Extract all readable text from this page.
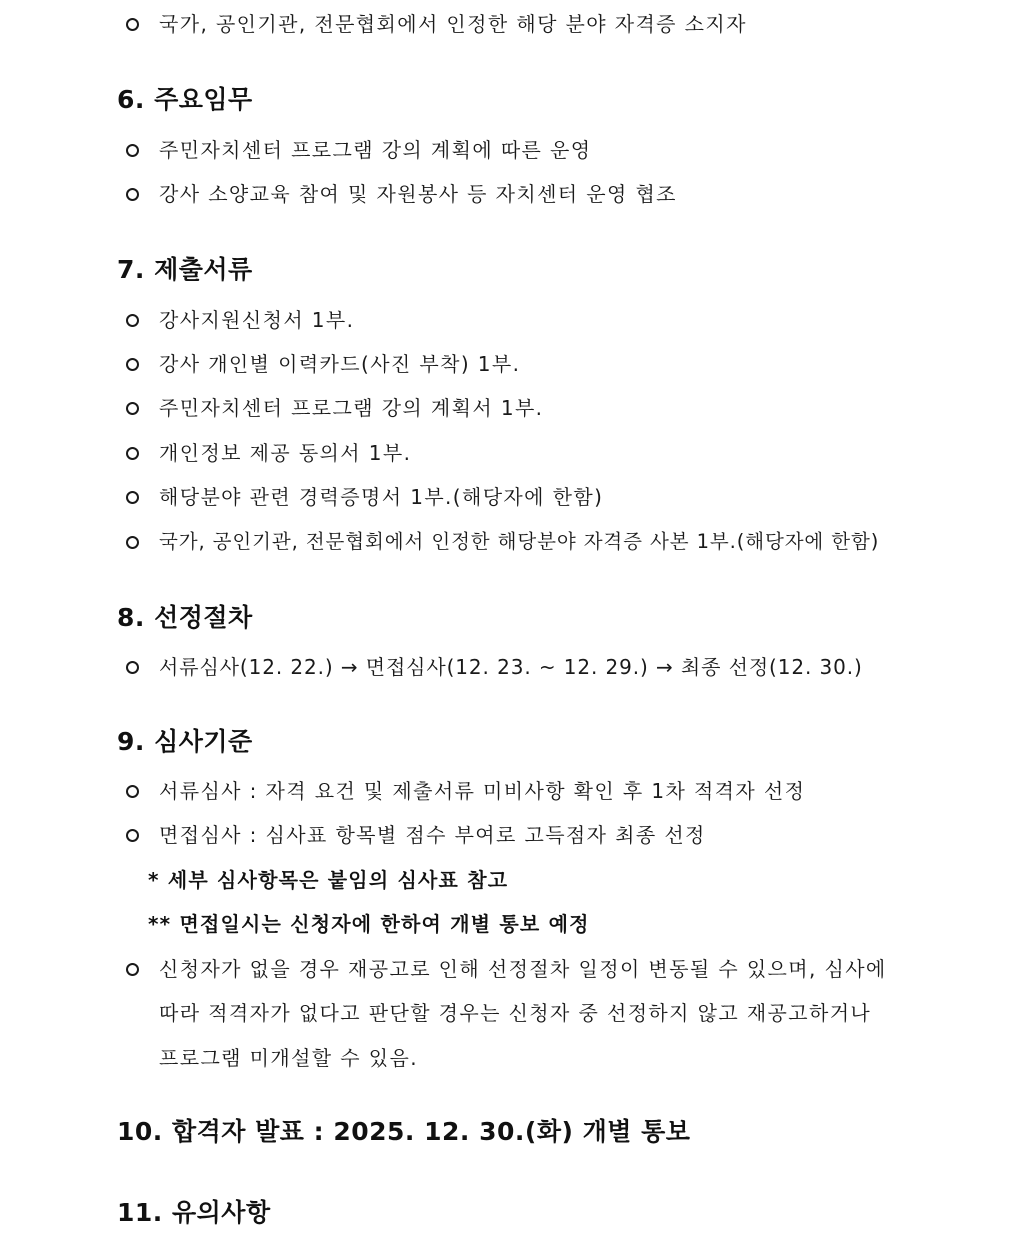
국가, 공인기관, 전문협회에서 인정한 해당 분야 자격증 소지자
6. 주요임무
주민자치센터 프로그램 강의 계획에 따른 운영
강사 소양교육 참여 및 자원봉사 등 자치센터 운영 협조
7. 제출서류
강사지원신청서 1부.
강사 개인별 이력카드(사진 부착) 1부.
주민자치센터 프로그램 강의 계획서 1부.
개인정보 제공 동의서 1부.
해당분야 관련 경력증명서 1부.(해당자에 한함)
국가, 공인기관, 전문협회에서 인정한 해당분야 자격증 사본 1부.(해당자에 한함)
8. 선정절차
서류심사(12. 22.) → 면접심사(12. 23. ~ 12. 29.) → 최종 선정(12. 30.)
9. 심사기준
서류심사 : 자격 요건 및 제출서류 미비사항 확인 후 1차 적격자 선정
면접심사 : 심사표 항목별 점수 부여로 고득점자 최종 선정
* 세부 심사항목은 붙임의 심사표 참고
** 면접일시는 신청자에 한하여 개별 통보 예정
신청자가 없을 경우 재공고로 인해 선정절차 일정이 변동될 수 있으며, 심사에
따라 적격자가 없다고 판단할 경우는 신청자 중 선정하지 않고 재공고하거나
프로그램 미개설할 수 있음.
10. 합격자 발표 : 2025. 12. 30.(화) 개별 통보
11. 유의사항
